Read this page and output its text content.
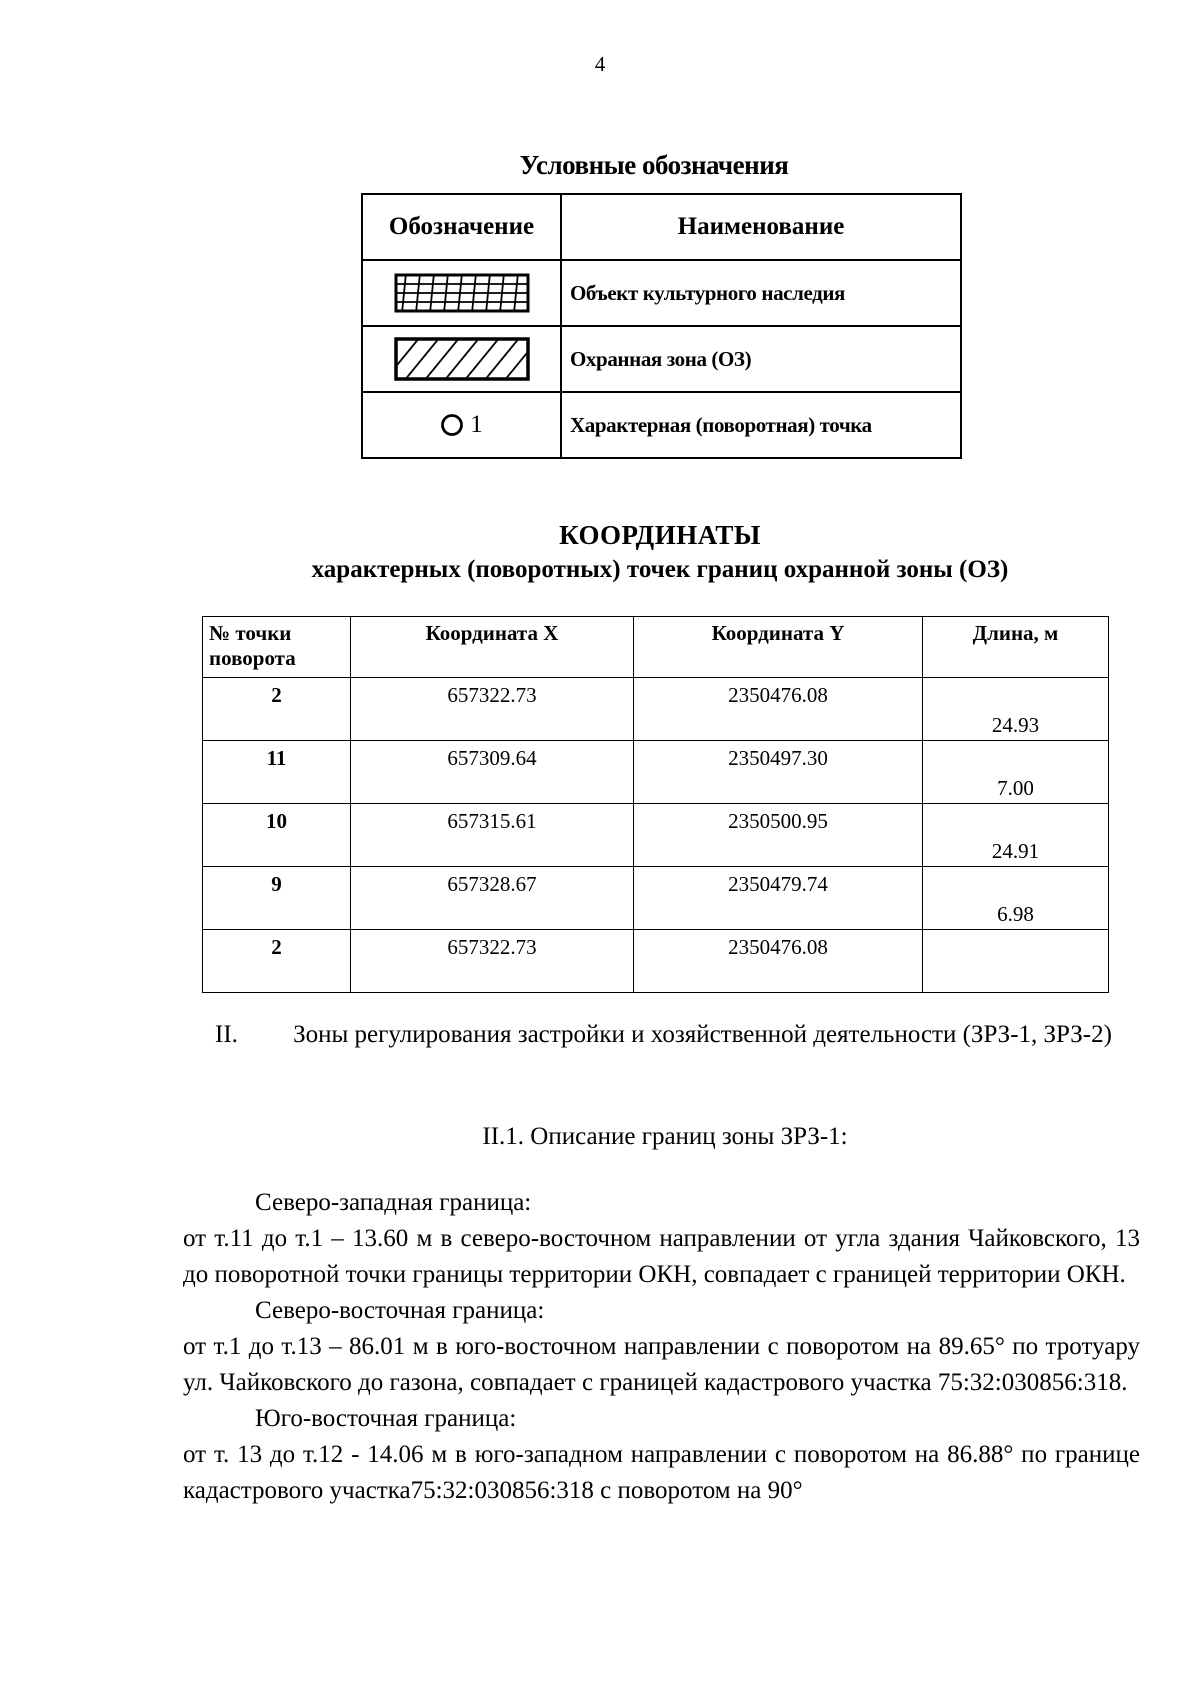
4
Условные обозначения
Обозначение	Наименование
	Объект культурного наследия
	Охранная зона (ОЗ)
1	Характерная (поворотная) точка
КООРДИНАТЫ
характерных (поворотных) точек границ охранной зоны (ОЗ)
№ точки поворота	Координата X	Координата Y	Длина, м
2	657322.73	2350476.08	24.93
11	657309.64	2350497.30	7.00
10	657315.61	2350500.95	24.91
9	657328.67	2350479.74	6.98
2	657322.73	2350476.08	
II.	Зоны регулирования застройки и хозяйственной деятельности (ЗРЗ-1, ЗРЗ-2)
II.1. Описание границ зоны ЗРЗ-1:

Северо-западная граница:

от т.11 до т.1 – 13.60 м в северо-восточном направлении от угла здания Чайковского, 13 до поворотной точки границы территории ОКН, совпадает с границей территории ОКН.

Северо-восточная граница:

от т.1 до т.13 – 86.01 м в юго-восточном направлении с поворотом на 89.65° по тротуару ул. Чайковского до газона, совпадает с границей кадастрового участка 75:32:030856:318.

Юго-восточная граница:

от т. 13 до т.12 - 14.06 м в юго-западном направлении с поворотом на 86.88° по границе кадастрового участка75:32:030856:318 с поворотом на 90°
